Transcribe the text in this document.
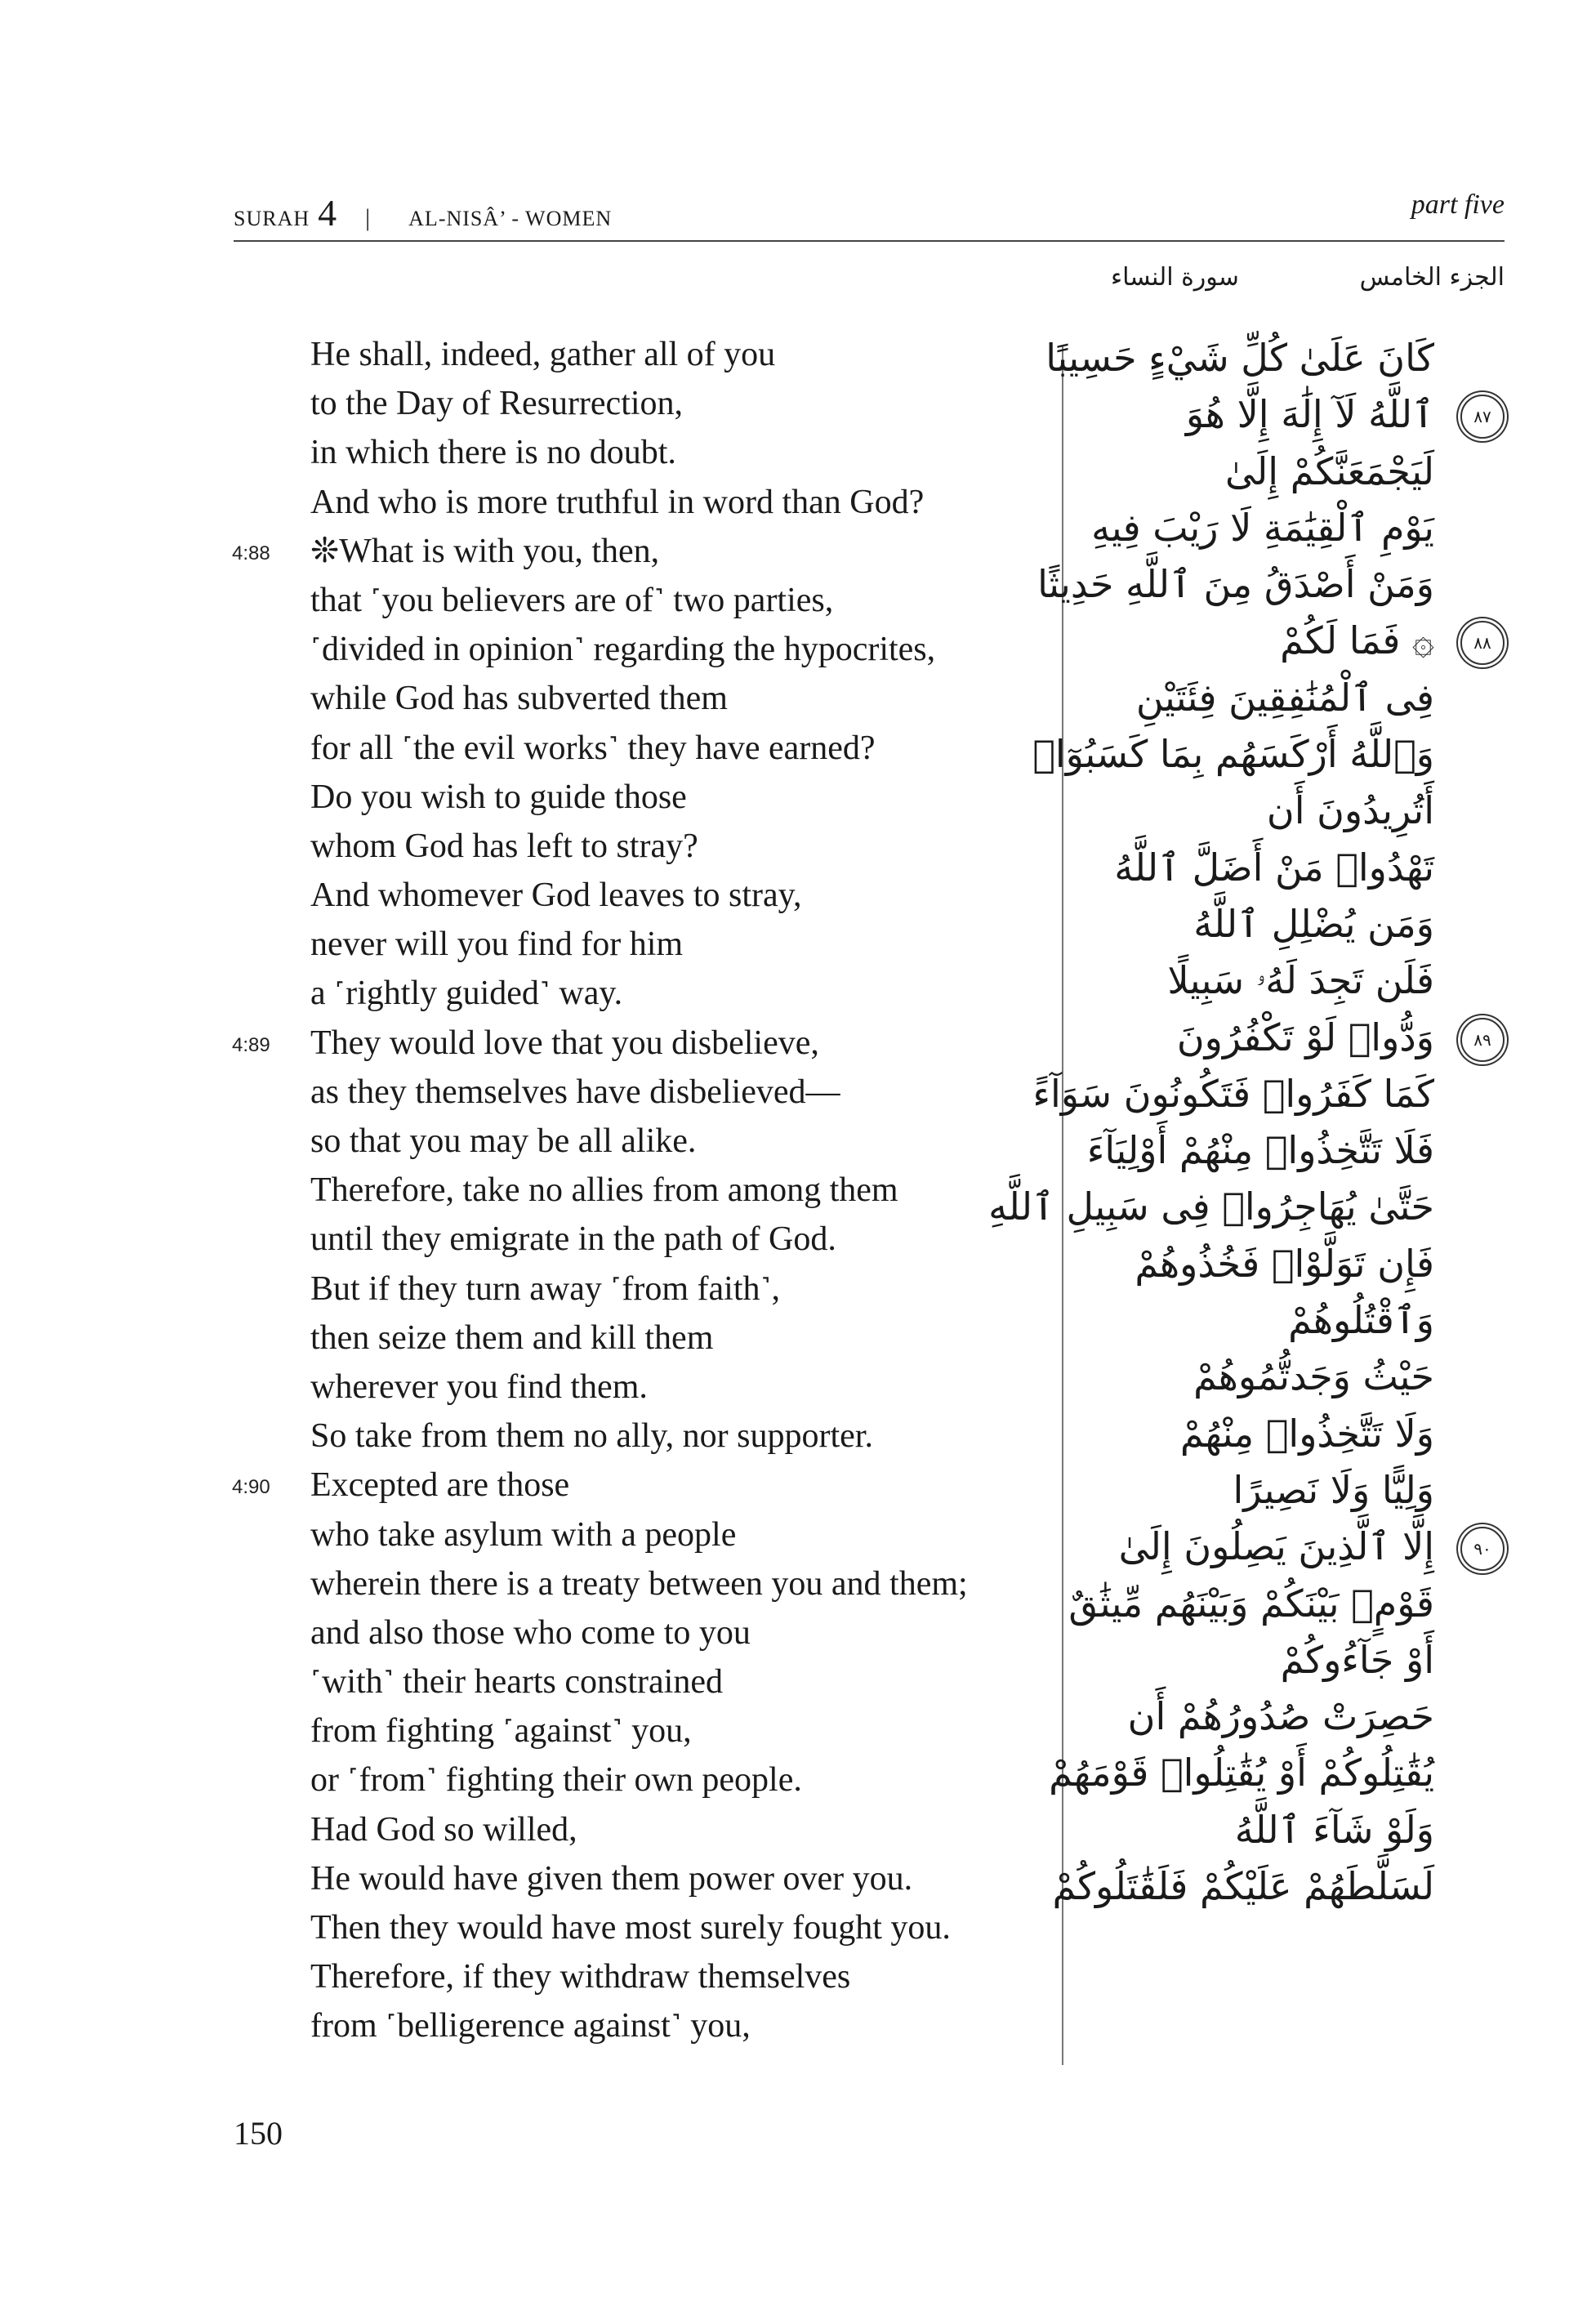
SURAH 4 | AL-NISÂ’ - WOMEN	part five
سورة النساء	الجزء الخامس
He shall, indeed, gather all of you
to the Day of Resurrection,
in which there is no doubt.
And who is more truthful in word than God?
4:88 ❊What is with you, then,
that ˹you believers are of˺ two parties,
˹divided in opinion˺ regarding the hypocrites,
while God has subverted them
for all ˹the evil works˺ they have earned?
Do you wish to guide those
whom God has left to stray?
And whomever God leaves to stray,
never will you find for him
a ˹rightly guided˺ way.
4:89 They would love that you disbelieve,
as they themselves have disbelieved—
so that you may be all alike.
Therefore, take no allies from among them
until they emigrate in the path of God.
But if they turn away ˹from faith˺,
then seize them and kill them
wherever you find them.
So take from them no ally, nor supporter.
4:90 Excepted are those
who take asylum with a people
wherein there is a treaty between you and them;
and also those who come to you
˹with˺ their hearts constrained
from fighting ˹against˺ you,
or ˹from˺ fighting their own people.
Had God so willed,
He would have given them power over you.
Then they would have most surely fought you.
Therefore, if they withdraw themselves
from ˹belligerence against˺ you,
كَانَ عَلَىٰ كُلِّ شَيْءٍ حَسِيبًا
٨٧
ٱللَّهُ لَآ إِلَٰهَ إِلَّا هُوَ
لَيَجْمَعَنَّكُمْ إِلَىٰ
يَوْمِ ٱلْقِيَٰمَةِ لَا رَيْبَ فِيهِ
وَمَنْ أَصْدَقُ مِنَ ٱللَّهِ حَدِيثًا
٨٨
۞ فَمَا لَكُمْ
فِى ٱلْمُنَٰفِقِينَ فِئَتَيْنِ
وَٱللَّهُ أَرْكَسَهُم بِمَا كَسَبُوٓا۟
أَتُرِيدُونَ أَن
تَهْدُوا۟ مَنْ أَضَلَّ ٱللَّهُ
وَمَن يُضْلِلِ ٱللَّهُ
فَلَن تَجِدَ لَهُۥ سَبِيلًا
٨٩
وَدُّوا۟ لَوْ تَكْفُرُونَ
كَمَا كَفَرُوا۟ فَتَكُونُونَ سَوَآءً
فَلَا تَتَّخِذُوا۟ مِنْهُمْ أَوْلِيَآءَ
حَتَّىٰ يُهَاجِرُوا۟ فِى سَبِيلِ ٱللَّهِ
فَإِن تَوَلَّوْا۟ فَخُذُوهُمْ
وَٱقْتُلُوهُمْ
حَيْثُ وَجَدتُّمُوهُمْ
وَلَا تَتَّخِذُوا۟ مِنْهُمْ
وَلِيًّا وَلَا نَصِيرًا
٩٠
إِلَّا ٱلَّذِينَ يَصِلُونَ إِلَىٰ
قَوْمٍۭ بَيْنَكُمْ وَبَيْنَهُم مِّيثَٰقٌ
أَوْ جَآءُوكُمْ
حَصِرَتْ صُدُورُهُمْ أَن
يُقَٰتِلُوكُمْ أَوْ يُقَٰتِلُوا۟ قَوْمَهُمْ
وَلَوْ شَآءَ ٱللَّهُ
لَسَلَّطَهُمْ عَلَيْكُمْ فَلَقَٰتَلُوكُمْ
150
